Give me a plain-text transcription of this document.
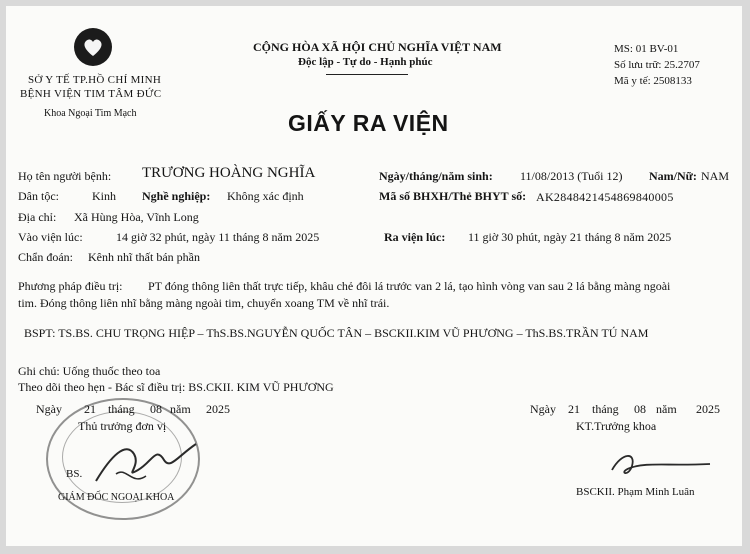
SỞ Y TẾ TP.HỒ CHÍ MINH
BỆNH VIỆN TIM TÂM ĐỨC
Khoa Ngoại Tim Mạch
CỘNG HÒA XÃ HỘI CHỦ NGHĨA VIỆT NAM
Độc lập - Tự do - Hạnh phúc
MS: 01 BV-01
Số lưu trữ: 25.2707
Mã y tế: 2508133
GIẤY RA VIỆN
Họ tên người bệnh: TRƯƠNG HOÀNG NGHĨA	Ngày/tháng/năm sinh: 11/08/2013 (Tuổi 12) Nam/Nữ: NAM
Dân tộc:	Kinh Nghề nghiệp: Không xác định	Mã số BHXH/Thẻ BHYT số: AK2848421454869840005
Địa chỉ: Xã Hùng Hòa, Vĩnh Long
Vào viện lúc:	14 giờ 32 phút, ngày 11 tháng 8 năm 2025	Ra viện lúc: 11 giờ 30 phút, ngày 21 tháng 8 năm 2025
Chẩn đoán: Kênh nhĩ thất bán phần
Phương pháp điều trị: PT đóng thông liên thất trực tiếp, khâu chẻ đôi lá trước van 2 lá, tạo hình vòng van sau 2 lá bằng màng ngoài
tim. Đóng thông liên nhĩ bằng màng ngoài tim, chuyển xoang TM về nhĩ trái.
BSPT: TS.BS. CHU TRỌNG HIỆP – ThS.BS.NGUYỄN QUỐC TÂN – BSCKII.KIM VŨ PHƯƠNG – ThS.BS.TRẦN TÚ NAM
Ghi chú: Uống thuốc theo toa
Theo dõi theo hẹn - Bác sĩ điều trị: BS.CKII. KIM VŨ PHƯƠNG
Ngày 21 tháng 08 năm 2025
Thủ trưởng đơn vị
BS.
GIÁM ĐỐC NGOẠI KHOA
Ngày 21 tháng 08 năm 2025
KT.Trưởng khoa
BSCKII. Phạm Minh Luân
